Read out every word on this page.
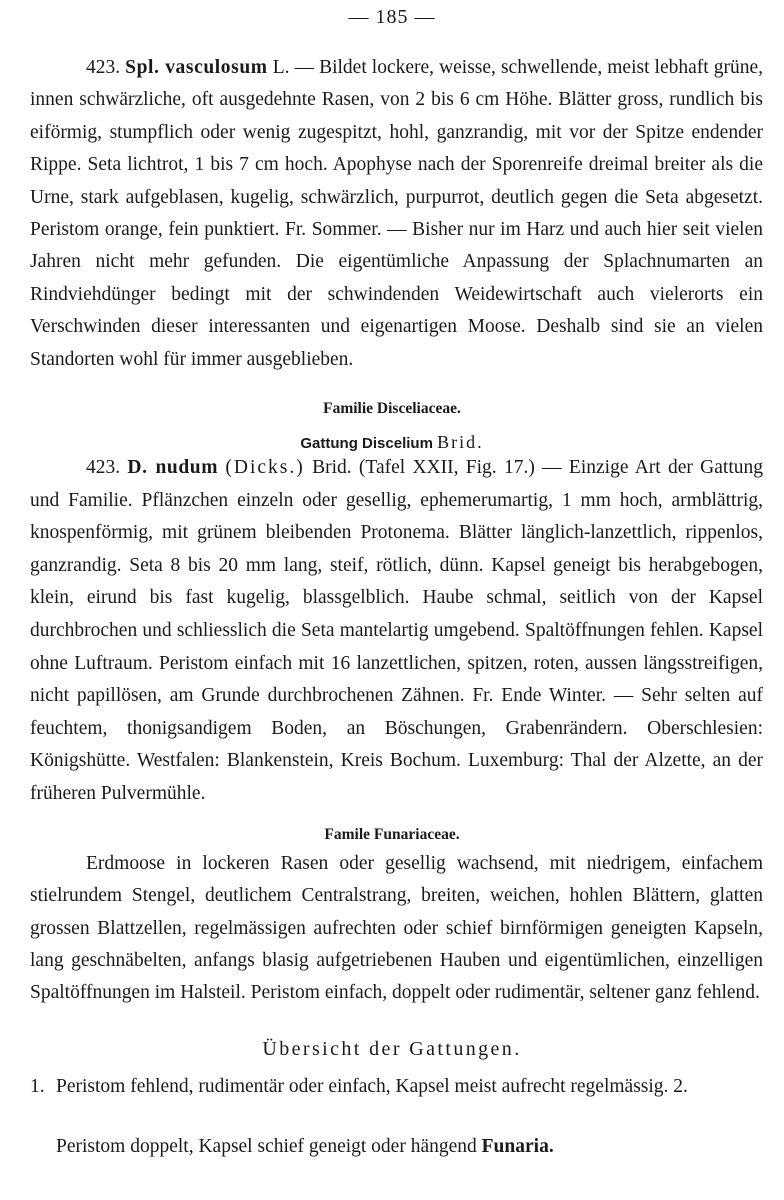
— 185 —

423. Spl. vasculosum L. — Bildet lockere, weisse, schwellende, meist lebhaft grüne, innen schwärzliche, oft ausgedehnte Rasen, von 2 bis 6 cm Höhe. Blätter gross, rundlich bis eiförmig, stumpflich oder wenig zugespitzt, hohl, ganzrandig, mit vor der Spitze endender Rippe. Seta lichtrot, 1 bis 7 cm hoch. Apophyse nach der Sporenreife dreimal breiter als die Urne, stark aufgeblasen, kugelig, schwärzlich, purpurrot, deutlich gegen die Seta abgesetzt. Peristom orange, fein punktiert. Fr. Sommer. — Bisher nur im Harz und auch hier seit vielen Jahren nicht mehr gefunden. Die eigentümliche Anpassung der Splachnumarten an Rindviehdünger bedingt mit der schwindenden Weidewirtschaft auch vielerorts ein Verschwinden dieser interessanten und eigenartigen Moose. Deshalb sind sie an vielen Standorten wohl für immer ausgeblieben.

Familie Disceliaceae.
Gattung Discelium Brid.

423. D. nudum (Dicks.) Brid. (Tafel XXII, Fig. 17.) — Einzige Art der Gattung und Familie. Pflänzchen einzeln oder gesellig, ephemerumartig, 1 mm hoch, armblättrig, knospenförmig, mit grünem bleibenden Protonema. Blätter länglich-lanzettlich, rippenlos, ganzrandig. Seta 8 bis 20 mm lang, steif, rötlich, dünn. Kapsel geneigt bis herabgebogen, klein, eirund bis fast kugelig, blassgelblich. Haube schmal, seitlich von der Kapsel durchbrochen und schliesslich die Seta mantelartig umgebend. Spaltöffnungen fehlen. Kapsel ohne Luftraum. Peristom einfach mit 16 lanzettlichen, spitzen, roten, aussen längsstreifigen, nicht papillösen, am Grunde durchbrochenen Zähnen. Fr. Ende Winter. — Sehr selten auf feuchtem, thonigsandigem Boden, an Böschungen, Grabenrändern. Oberschlesien: Königshütte. Westfalen: Blankenstein, Kreis Bochum. Luxemburg: Thal der Alzette, an der früheren Pulvermühle.

Famile Funariaceae.

Erdmoose in lockeren Rasen oder gesellig wachsend, mit niedrigem, einfachem stielrundem Stengel, deutlichem Centralstrang, breiten, weichen, hohlen Blättern, glatten grossen Blattzellen, regelmässigen aufrechten oder schief birnförmigen geneigten Kapseln, lang geschnäbelten, anfangs blasig aufgetriebenen Hauben und eigentümlichen, einzelligen Spaltöffnungen im Halsteil. Peristom einfach, doppelt oder rudimentär, seltener ganz fehlend.

Übersicht der Gattungen.
1. Peristom fehlend, rudimentär oder einfach, Kapsel meist aufrecht regelmässig. 2.
Peristom doppelt, Kapsel schief geneigt oder hängend Funaria.
